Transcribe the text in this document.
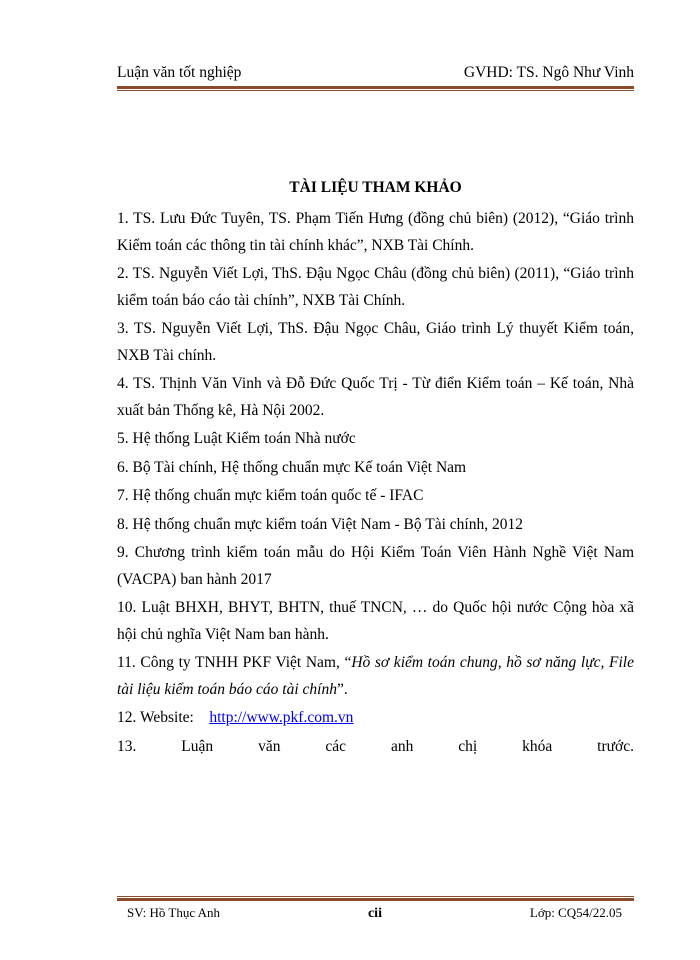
Luận văn tốt nghiệp	GVHD: TS. Ngô Như Vinh
TÀI LIỆU THAM KHẢO
1. TS. Lưu Đức Tuyên, TS. Phạm Tiến Hưng (đồng chủ biên) (2012), “Giáo trình Kiểm toán các thông tin tài chính khác”, NXB Tài Chính.
2. TS. Nguyễn Viết Lợi, ThS. Đậu Ngọc Châu (đồng chủ biên) (2011), “Giáo trình kiểm toán báo cáo tài chính”, NXB Tài Chính.
3. TS. Nguyễn Viết Lợi, ThS. Đậu Ngọc Châu, Giáo trình Lý thuyết Kiểm toán, NXB Tài chính.
4. TS. Thịnh Văn Vinh và Đỗ Đức Quốc Trị - Từ điển Kiểm toán – Kế toán, Nhà xuất bản Thống kê, Hà Nội 2002.
5. Hệ thống Luật Kiểm toán Nhà nước
6. Bộ Tài chính, Hệ thống chuẩn mực Kế toán Việt Nam
7. Hệ thống chuẩn mực kiểm toán quốc tế - IFAC
8. Hệ thống chuẩn mực kiểm toán Việt Nam - Bộ Tài chính, 2012
9. Chương trình kiểm toán mẫu do Hội Kiểm Toán Viên Hành Nghề Việt Nam (VACPA) ban hành 2017
10. Luật BHXH, BHYT, BHTN, thuế TNCN, … do Quốc hội nước Cộng hòa xã hội chủ nghĩa Việt Nam ban hành.
11. Công ty TNHH PKF Việt Nam, “Hồ sơ kiểm toán chung, hồ sơ năng lực, File tài liệu kiểm toán báo cáo tài chính”.
12. Website: http://www.pkf.com.vn
13. Luận văn các anh chị khóa trước.
SV: Hồ Thục Anh	cii	Lớp: CQ54/22.05
